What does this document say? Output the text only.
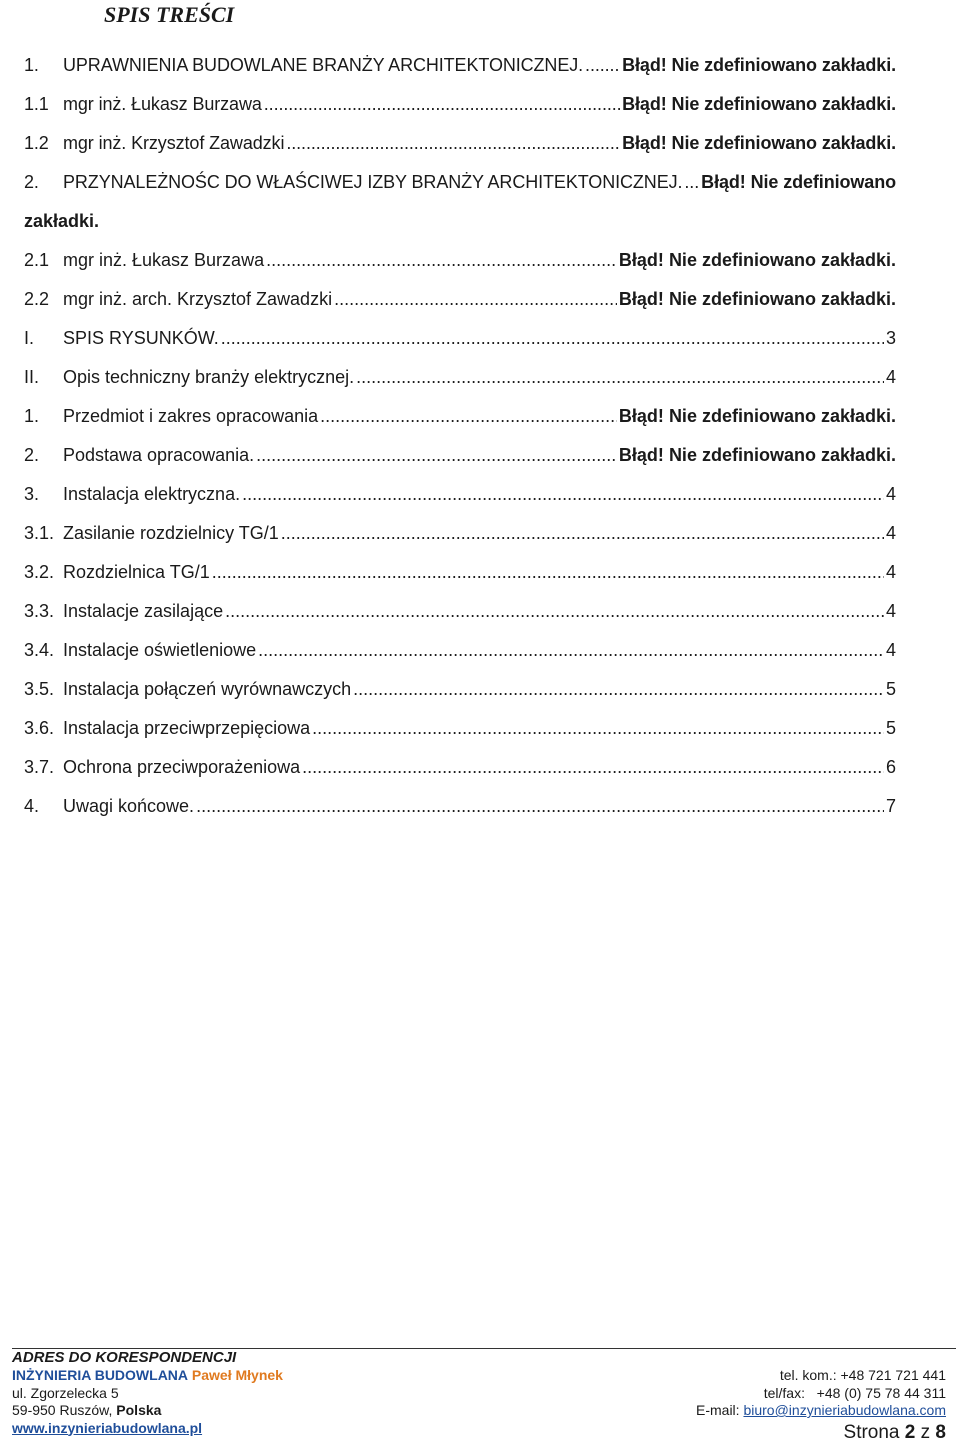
SPIS TREŚCI
1.	UPRAWNIENIA BUDOWLANE BRANŻY ARCHITEKTONICZNEJ. ..... Błąd! Nie zdefiniowano zakładki.
1.1 mgr inż. Łukasz Burzawa .....	Błąd! Nie zdefiniowano zakładki.
1.2 mgr inż. Krzysztof Zawadzki .....	Błąd! Nie zdefiniowano zakładki.
2.	PRZYNALEŻNOŚC DO WŁAŚCIWEJ IZBY BRANŻY ARCHITEKTONICZNEJ. ..... Błąd! Nie zdefiniowano
zakładki.
2.1 mgr inż. Łukasz Burzawa .....	Błąd! Nie zdefiniowano zakładki.
2.2 mgr inż. arch. Krzysztof Zawadzki .....	Błąd! Nie zdefiniowano zakładki.
I.	SPIS RYSUNKÓW. .....	3
II.	Opis techniczny branży elektrycznej. .....	4
1.	Przedmiot i zakres opracowania .....	Błąd! Nie zdefiniowano zakładki.
2.	Podstawa opracowania. .....	Błąd! Nie zdefiniowano zakładki.
3.	Instalacja elektryczna. .....	4
3.1. Zasilanie rozdzielnicy TG/1 .....	4
3.2. Rozdzielnica TG/1 .....	4
3.3. Instalacje zasilające .....	4
3.4. Instalacje oświetleniowe .....	4
3.5. Instalacja połączeń wyrównawczych .....	5
3.6. Instalacja przeciwprzepięciowa .....	5
3.7. Ochrona przeciwporażeniowa .....	6
4.	Uwagi końcowe. .....	7
ADRES DO KORESPONDENCJI
INŻYNIERIA BUDOWLANA Paweł Młynek
ul. Zgorzelecka 5
59-950 Ruszów, Polska
www.inzynieriabudowlana.pl
tel. kom.: +48 721 721 441
tel/fax:   +48 (0) 75 78 44 311
E-mail: biuro@inzynieriabudowlana.com
Strona 2 z 8
